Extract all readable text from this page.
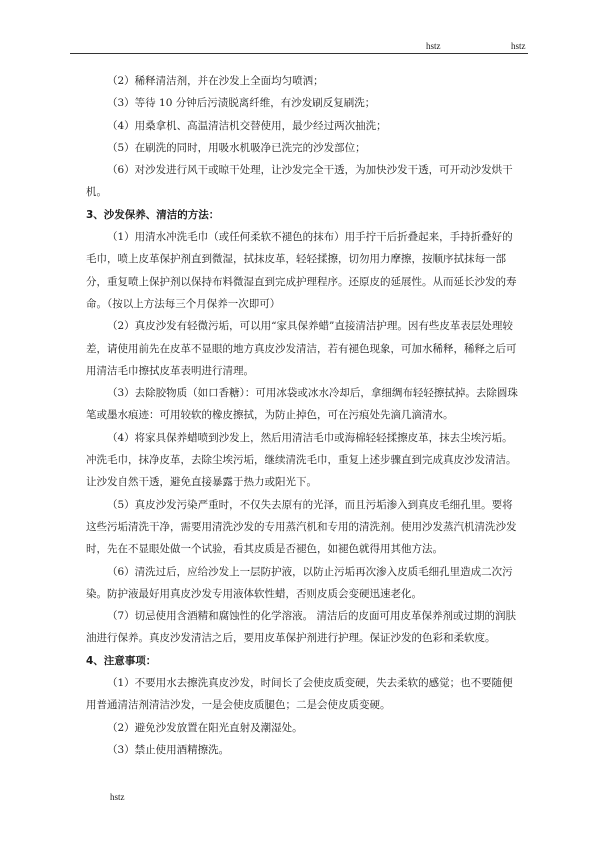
hstz	hstz

（2）稀释清洁剂，并在沙发上全面均匀喷洒；

（3）等待 10 分钟后污渍脱离纤维，有沙发刷反复刷洗；

（4）用桑拿机、高温清洁机交替使用，最少经过两次抽洗；

（5）在刷洗的同时，用吸水机吸净已洗完的沙发部位；

（6）对沙发进行风干或晾干处理，让沙发完全干透，为加快沙发干透，可开动沙发烘干机。

3、沙发保养、清洁的方法：

（1）用清水冲洗毛巾（或任何柔软不褪色的抹布）用手拧干后折叠起来，手持折叠好的毛巾，喷上皮革保护剂直到微湿，拭抹皮革，轻轻揉擦，切勿用力摩擦，按顺序拭抹每一部分，重复喷上保护剂以保持布料微湿直到完成护理程序。还原皮的延展性。从而延长沙发的寿命。（按以上方法每三个月保养一次即可）

（2）真皮沙发有轻微污垢，可以用“家具保养蜡”直接清洁护理。因有些皮革表层处理较差，请使用前先在皮革不显眼的地方真皮沙发清洁，若有褪色现象，可加水稀释，稀释之后可用清洁毛巾擦拭皮革表明进行清理。

（3）去除胶物质（如口香糖）：可用冰袋或冰水冷却后，拿细绸布轻轻擦拭掉。去除圆珠笔或墨水痕迹：可用较软的橡皮擦拭，为防止掉色，可在污痕处先滴几滴清水。

（4）将家具保养蜡喷到沙发上，然后用清洁毛巾或海棉轻轻揉擦皮革，抹去尘埃污垢。冲洗毛巾，抹净皮革，去除尘埃污垢，继续清洗毛巾，重复上述步骤直到完成真皮沙发清洁。让沙发自然干透，避免直接暴露于热力或阳光下。

（5）真皮沙发污染严重时，不仅失去原有的光泽，而且污垢渗入到真皮毛细孔里。要将这些污垢清洗干净，需要用清洗沙发的专用蒸汽机和专用的清洗剂。使用沙发蒸汽机清洗沙发时，先在不显眼处做一个试验，看其皮质是否褪色，如褪色就得用其他方法。

（6）清洗过后，应给沙发上一层防护液，以防止污垢再次渗入皮质毛细孔里造成二次污染。防护液最好用真皮沙发专用液体软性蜡，否则皮质会变硬迅速老化。

（7）切忌使用含酒精和腐蚀性的化学溶液。 清洁后的皮面可用皮革保养剂或过期的润肤油进行保养。真皮沙发清洁之后，要用皮革保护剂进行护理。保证沙发的色彩和柔软度。

4、注意事项：

（1）不要用水去擦洗真皮沙发，时间长了会使皮质变硬，失去柔软的感觉；也不要随便用普通清洁剂清洁沙发，一是会使皮质腿色；二是会使皮质变硬。

（2）避免沙发放置在阳光直射及潮湿处。

（3）禁止使用酒精擦洗。

hstz
